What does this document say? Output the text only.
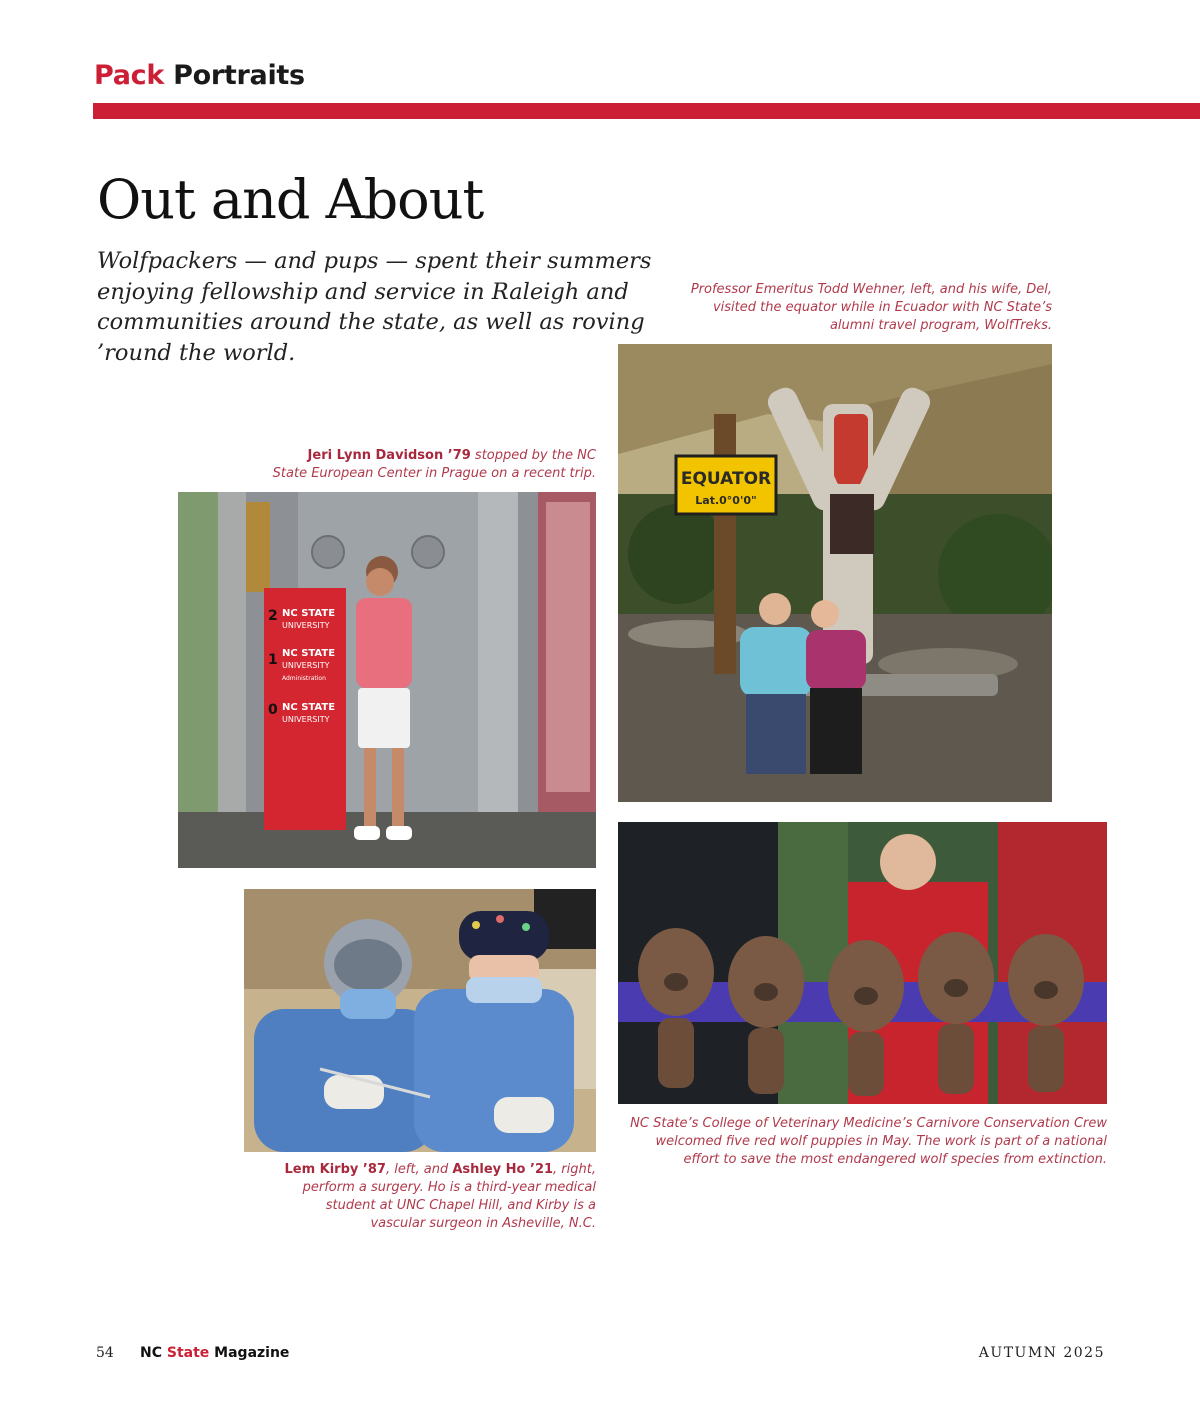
Pack Portraits
Out and About

Wolfpackers — and pups — spent their summers enjoying fellowship and service in Raleigh and communities around the state, as well as roving ’round the world.

Professor Emeritus Todd Wehner, left, and his wife, Del, visited the equator while in Ecuador with NC State’s alumni travel program, WolfTreks.

EQUATOR
Lat.0°0'0"

Jeri Lynn Davidson ’79 stopped by the NC State European Center in Prague on a recent trip.

2 NC STATE
UNIVERSITY
1 NC STATE
UNIVERSITY
Administration
0 NC STATE
UNIVERSITY

Lem Kirby ’87, left, and Ashley Ho ’21, right, perform a surgery. Ho is a third-year medical student at UNC Chapel Hill, and Kirby is a vascular surgeon in Asheville, N.C.

NC State’s College of Veterinary Medicine’s Carnivore Conservation Crew welcomed five red wolf puppies in May. The work is part of a national effort to save the most endangered wolf species from extinction.

54 NC State Magazine	AUTUMN 2025
